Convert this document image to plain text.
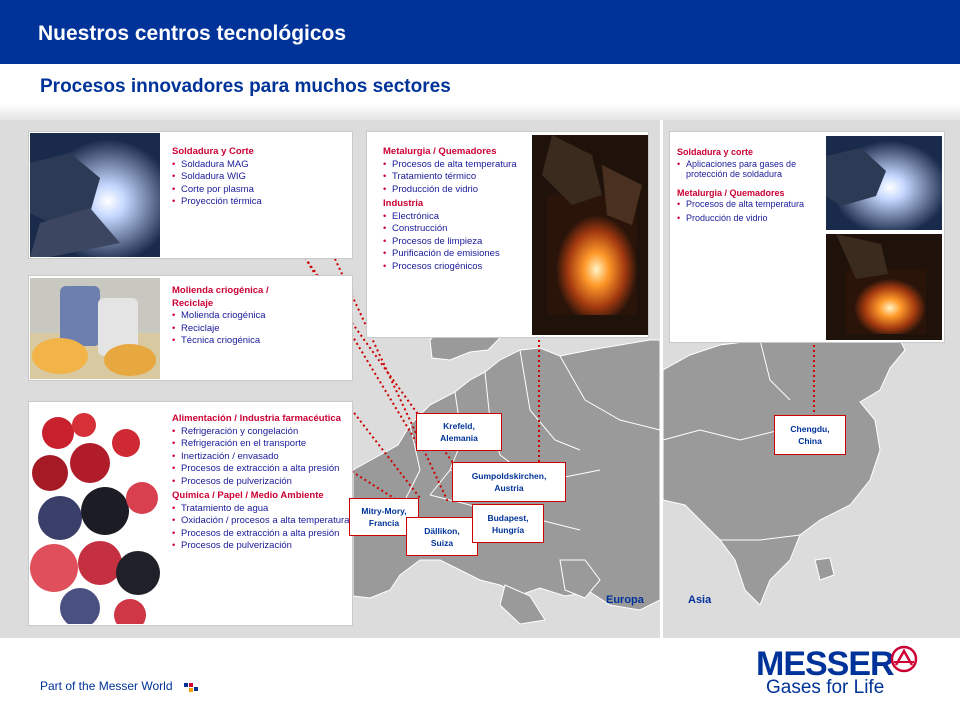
Nuestros centros tecnológicos
Procesos innovadores para muchos sectores
Soldadura y Corte
• Soldadura MAG
• Soldadura WIG
• Corte por plasma
• Proyección térmica
Molienda criogénica / Reciclaje
• Molienda criogénica
• Reciclaje
• Técnica criogénica
Alimentación / Industria farmacéutica
• Refrigeración y congelación
• Refrigeración en el transporte
• Inertización / envasado
• Procesos de extracción a alta presión
• Procesos de pulverización
Química / Papel / Medio Ambiente
• Tratamiento de agua
• Oxidación / procesos a alta temperatura
• Procesos de extracción a alta presión
• Procesos de pulverización
Metalurgia / Quemadores
• Procesos de alta temperatura
• Tratamiento térmico
• Producción de vidrio
Industria
• Electrónica
• Construcción
• Procesos de limpieza
• Purificación de emisiones
• Procesos criogénicos
Soldadura y corte
• Aplicaciones para gases de protección de soldadura
Metalurgia / Quemadores
• Procesos de alta temperatura
• Producción de vidrio
Krefeld,
Alemania
Gumpoldskirchen,
Austria
Mitry-Mory,
Francia
Dällikon,
Suiza
Budapest,
Hungría
Chengdu,
China
Europa	Asia
Part of the Messer World
MESSER
Gases for Life
